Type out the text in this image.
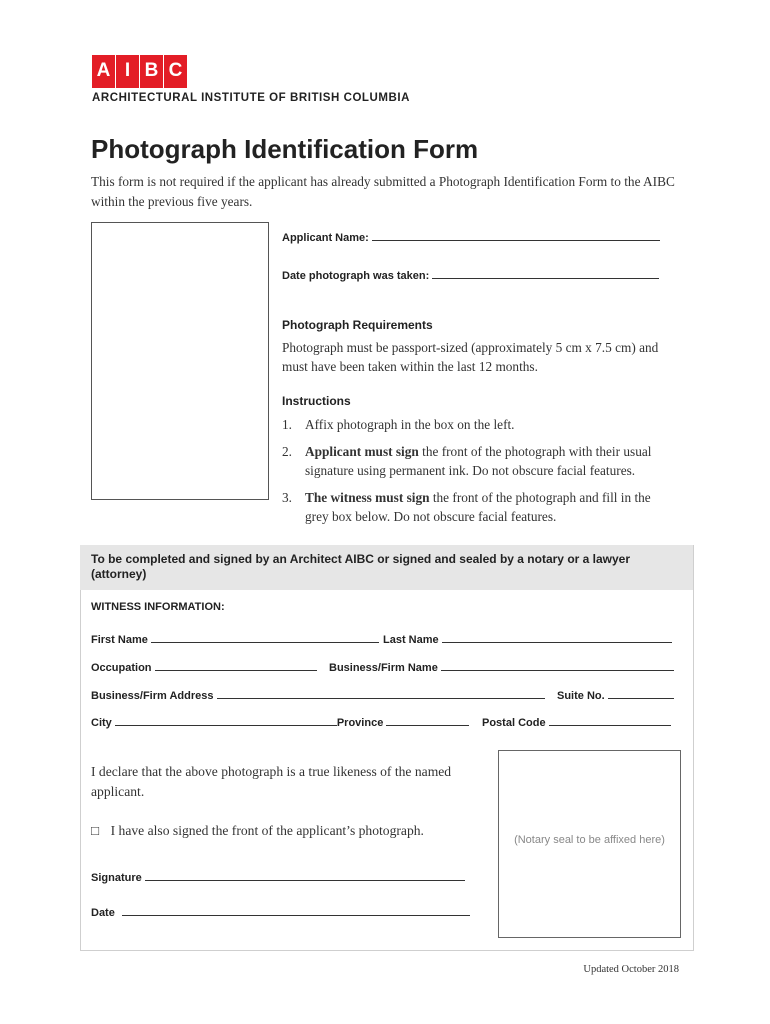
A I B C
ARCHITECTURAL INSTITUTE OF BRITISH COLUMBIA
Photograph Identification Form
This form is not required if the applicant has already submitted a Photograph Identification Form to the AIBC within the previous five years.
Applicant Name:
Date photograph was taken:
Photograph Requirements
Photograph must be passport-sized (approximately 5 cm x 7.5 cm) and must have been taken within the last 12 months.
Instructions
1. Affix photograph in the box on the left.
2. Applicant must sign the front of the photograph with their usual signature using permanent ink. Do not obscure facial features.
3. The witness must sign the front of the photograph and fill in the grey box below. Do not obscure facial features.
To be completed and signed by an Architect AIBC or signed and sealed by a notary or a lawyer (attorney)
WITNESS INFORMATION:
First Name	Last Name
Occupation	Business/Firm Name
Business/Firm Address	Suite No.
City	Province	Postal Code
I declare that the above photograph is a true likeness of the named applicant.
□ I have also signed the front of the applicant’s photograph.
Signature
Date
(Notary seal to be affixed here)
Updated October 2018
